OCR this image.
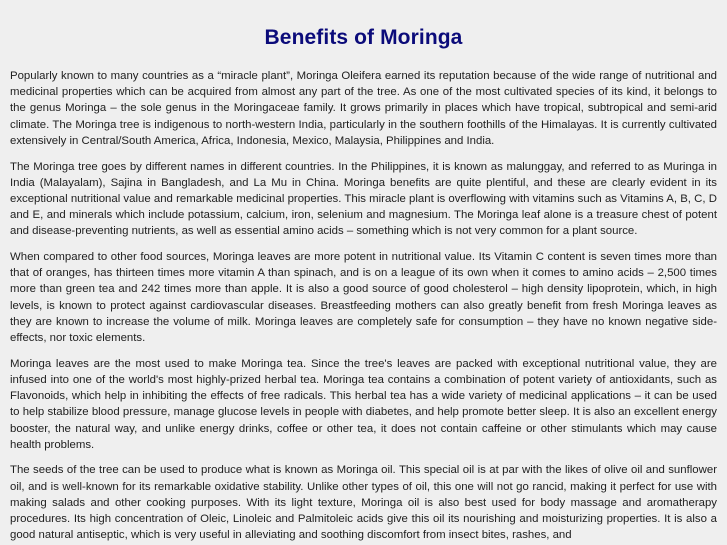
Benefits of Moringa

Popularly known to many countries as a “miracle plant”, Moringa Oleifera earned its reputation because of the wide range of nutritional and medicinal properties which can be acquired from almost any part of the tree. As one of the most cultivated species of its kind, it belongs to the genus Moringa – the sole genus in the Moringaceae family. It grows primarily in places which have tropical, subtropical and semi-arid climate. The Moringa tree is indigenous to north-western India, particularly in the southern foothills of the Himalayas. It is currently cultivated extensively in Central/South America, Africa, Indonesia, Mexico, Malaysia, Philippines and India.

The Moringa tree goes by different names in different countries. In the Philippines, it is known as malunggay, and referred to as Muringa in India (Malayalam), Sajina in Bangladesh, and La Mu in China. Moringa benefits are quite plentiful, and these are clearly evident in its exceptional nutritional value and remarkable medicinal properties. This miracle plant is overflowing with vitamins such as Vitamins A, B, C, D and E, and minerals which include potassium, calcium, iron, selenium and magnesium. The Moringa leaf alone is a treasure chest of potent and disease-preventing nutrients, as well as essential amino acids – something which is not very common for a plant source.

When compared to other food sources, Moringa leaves are more potent in nutritional value. Its Vitamin C content is seven times more than that of oranges, has thirteen times more vitamin A than spinach, and is on a league of its own when it comes to amino acids – 2,500 times more than green tea and 242 times more than apple. It is also a good source of good cholesterol – high density lipoprotein, which, in high levels, is known to protect against cardiovascular diseases. Breastfeeding mothers can also greatly benefit from fresh Moringa leaves as they are known to increase the volume of milk. Moringa leaves are completely safe for consumption – they have no known negative side-effects, nor toxic elements.

Moringa leaves are the most used to make Moringa tea. Since the tree's leaves are packed with exceptional nutritional value, they are infused into one of the world's most highly-prized herbal tea. Moringa tea contains a combination of potent variety of antioxidants, such as Flavonoids, which help in inhibiting the effects of free radicals. This herbal tea has a wide variety of medicinal applications – it can be used to help stabilize blood pressure, manage glucose levels in people with diabetes, and help promote better sleep. It is also an excellent energy booster, the natural way, and unlike energy drinks, coffee or other tea, it does not contain caffeine or other stimulants which may cause health problems.

The seeds of the tree can be used to produce what is known as Moringa oil. This special oil is at par with the likes of olive oil and sunflower oil, and is well-known for its remarkable oxidative stability. Unlike other types of oil, this one will not go rancid, making it perfect for use with making salads and other cooking purposes. With its light texture, Moringa oil is also best used for body massage and aromatherapy procedures. Its high concentration of Oleic, Linoleic and Palmitoleic acids give this oil its nourishing and moisturizing properties. It is also a good natural antiseptic, which is very useful in alleviating and soothing discomfort from insect bites, rashes, and
